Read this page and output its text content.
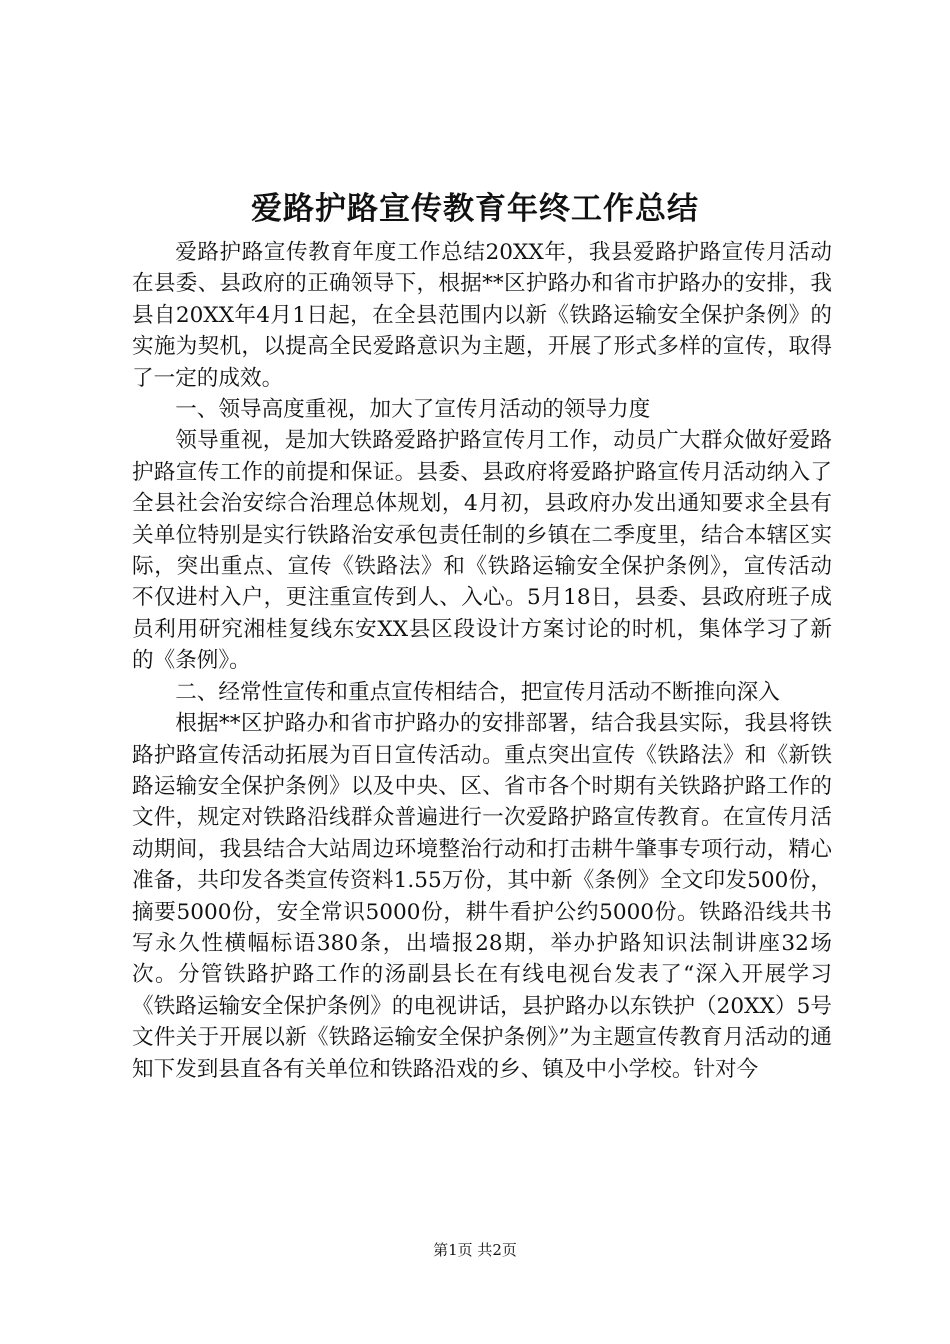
爱路护路宣传教育年终工作总结

爱路护路宣传教育年度工作总结20XX年，我县爱路护路宣传月活动在县委、县政府的正确领导下，根据**区护路办和省市护路办的安排，我县自20XX年4月1日起，在全县范围内以新《铁路运输安全保护条例》的实施为契机，以提高全民爱路意识为主题，开展了形式多样的宣传，取得了一定的成效。

一、领导高度重视，加大了宣传月活动的领导力度

领导重视，是加大铁路爱路护路宣传月工作，动员广大群众做好爱路护路宣传工作的前提和保证。县委、县政府将爱路护路宣传月活动纳入了全县社会治安综合治理总体规划，4月初，县政府办发出通知要求全县有关单位特别是实行铁路治安承包责任制的乡镇在二季度里，结合本辖区实际，突出重点、宣传《铁路法》和《铁路运输安全保护条例》，宣传活动不仅进村入户，更注重宣传到人、入心。5月18日，县委、县政府班子成员利用研究湘桂复线东安XX县区段设计方案讨论的时机，集体学习了新的《条例》。

二、经常性宣传和重点宣传相结合，把宣传月活动不断推向深入

根据**区护路办和省市护路办的安排部署，结合我县实际，我县将铁路护路宣传活动拓展为百日宣传活动。重点突出宣传《铁路法》和《新铁路运输安全保护条例》以及中央、区、省市各个时期有关铁路护路工作的文件，规定对铁路沿线群众普遍进行一次爱路护路宣传教育。在宣传月活动期间，我县结合大站周边环境整治行动和打击耕牛肇事专项行动，精心准备，共印发各类宣传资料1.55万份，其中新《条例》全文印发500份，摘要5000份，安全常识5000份，耕牛看护公约5000份。铁路沿线共书写永久性横幅标语380条，出墙报28期，举办护路知识法制讲座32场次。分管铁路护路工作的汤副县长在有线电视台发表了“深入开展学习《铁路运输安全保护条例》的电视讲话，县护路办以东铁护（20XX）5号文件关于开展以新《铁路运输安全保护条例》”为主题宣传教育月活动的通知下发到县直各有关单位和铁路沿戏的乡、镇及中小学校。针对今

第1页 共2页
